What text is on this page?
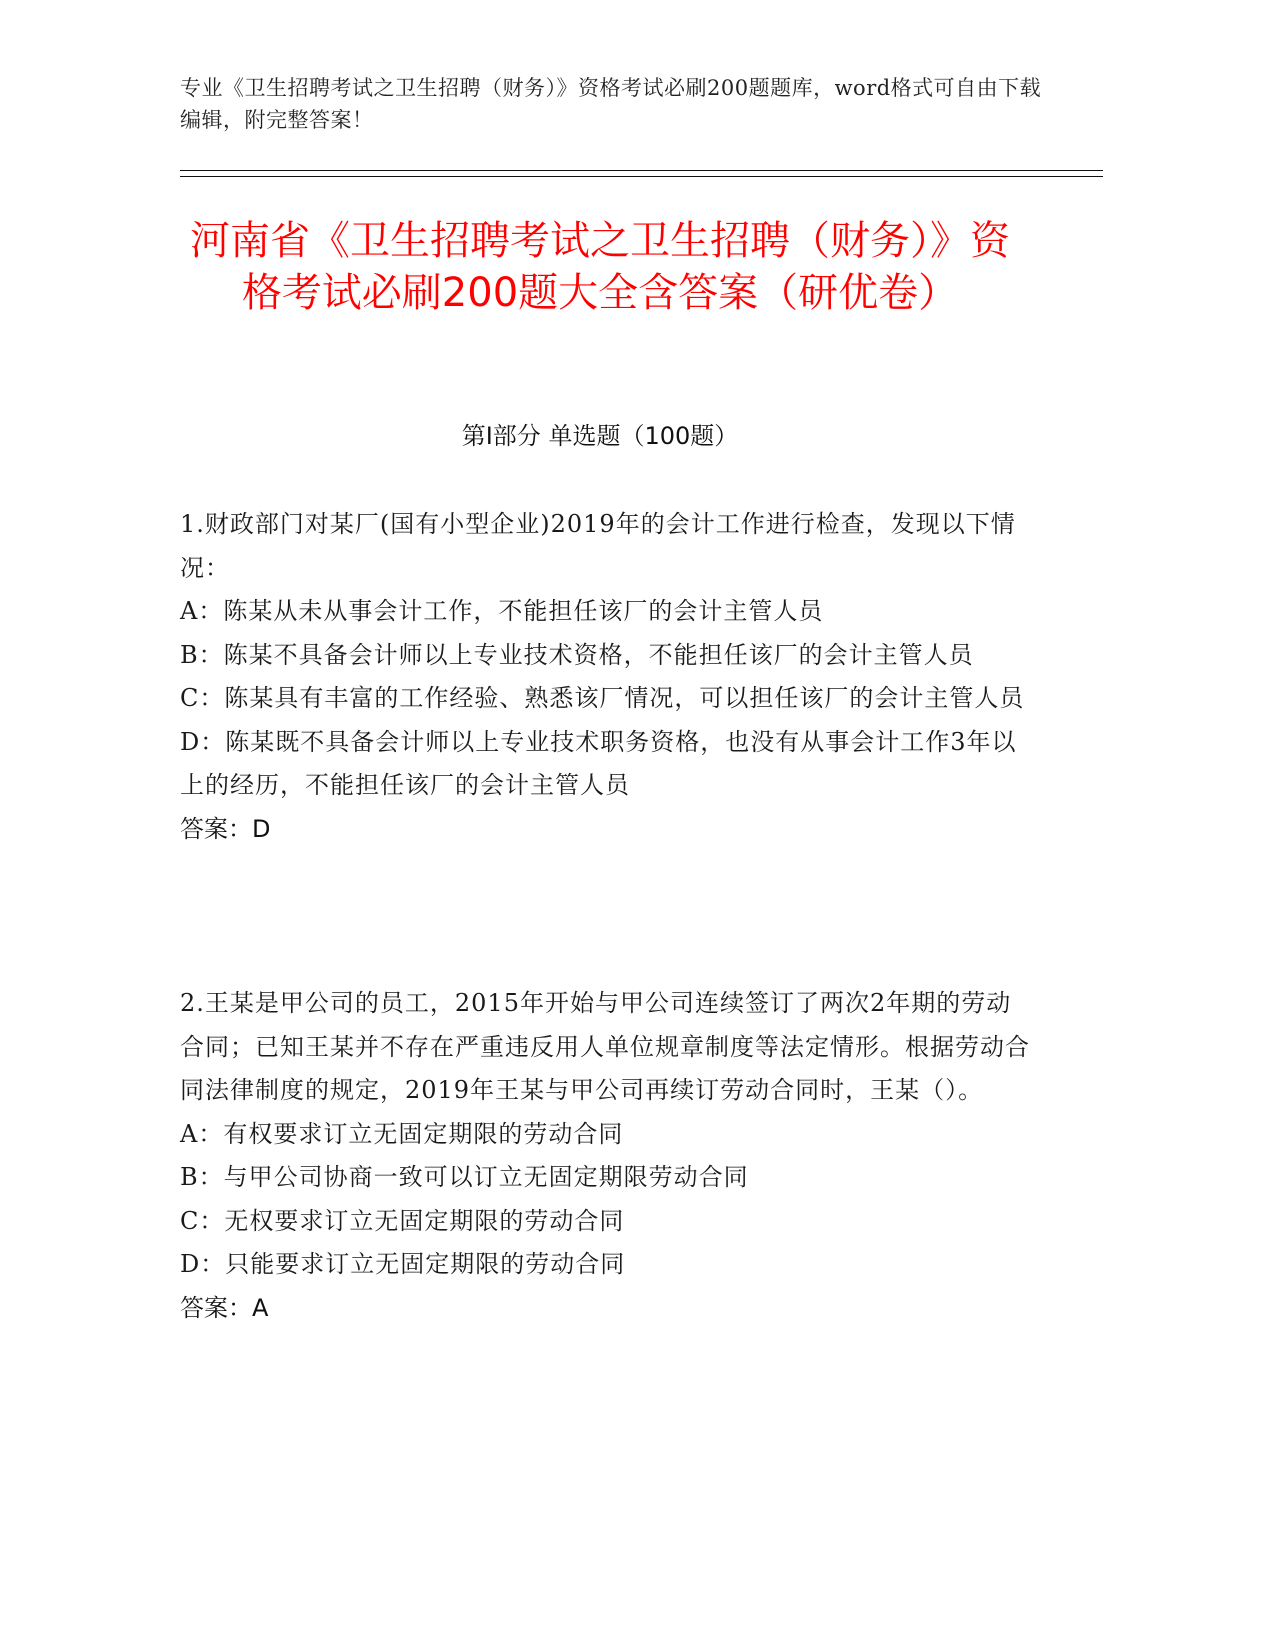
专业《卫生招聘考试之卫生招聘（财务）》资格考试必刷200题题库，word格式可自由下载编辑，附完整答案！
河南省《卫生招聘考试之卫生招聘（财务）》资格考试必刷200题大全含答案（研优卷）
第I部分 单选题（100题）
1.财政部门对某厂(国有小型企业)2019年的会计工作进行检查，发现以下情况：
A：陈某从未从事会计工作，不能担任该厂的会计主管人员
B：陈某不具备会计师以上专业技术资格，不能担任该厂的会计主管人员
C：陈某具有丰富的工作经验、熟悉该厂情况，可以担任该厂的会计主管人员
D：陈某既不具备会计师以上专业技术职务资格，也没有从事会计工作3年以上的经历，不能担任该厂的会计主管人员
答案：D
2.王某是甲公司的员工，2015年开始与甲公司连续签订了两次2年期的劳动合同；已知王某并不存在严重违反用人单位规章制度等法定情形。根据劳动合同法律制度的规定，2019年王某与甲公司再续订劳动合同时，王某（）。
A：有权要求订立无固定期限的劳动合同
B：与甲公司协商一致可以订立无固定期限劳动合同
C：无权要求订立无固定期限的劳动合同
D：只能要求订立无固定期限的劳动合同
答案：A
